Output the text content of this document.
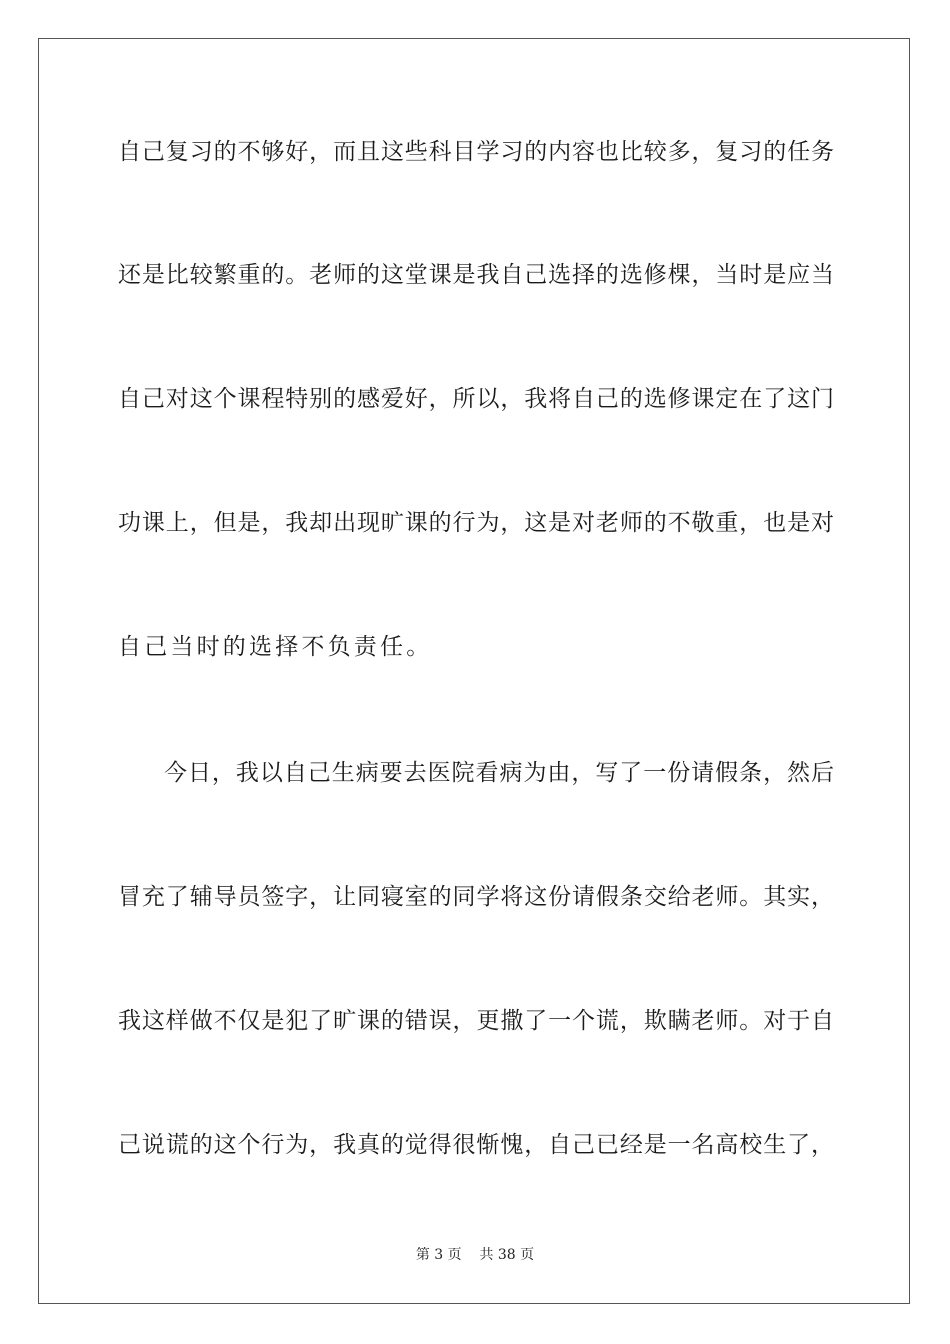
自己复习的不够好，而且这些科目学习的内容也比较多，复习的任务
还是比较繁重的。老师的这堂课是我自己选择的选修棵，当时是应当
自己对这个课程特别的感爱好，所以，我将自己的选修课定在了这门
功课上，但是，我却出现旷课的行为，这是对老师的不敬重，也是对
自己当时的选择不负责任。
今日，我以自己生病要去医院看病为由，写了一份请假条，然后
冒充了辅导员签字，让同寝室的同学将这份请假条交给老师。其实，
我这样做不仅是犯了旷课的错误，更撒了一个谎，欺瞒老师。对于自
己说谎的这个行为，我真的觉得很惭愧，自己已经是一名高校生了，
第 3 页 共 38 页
